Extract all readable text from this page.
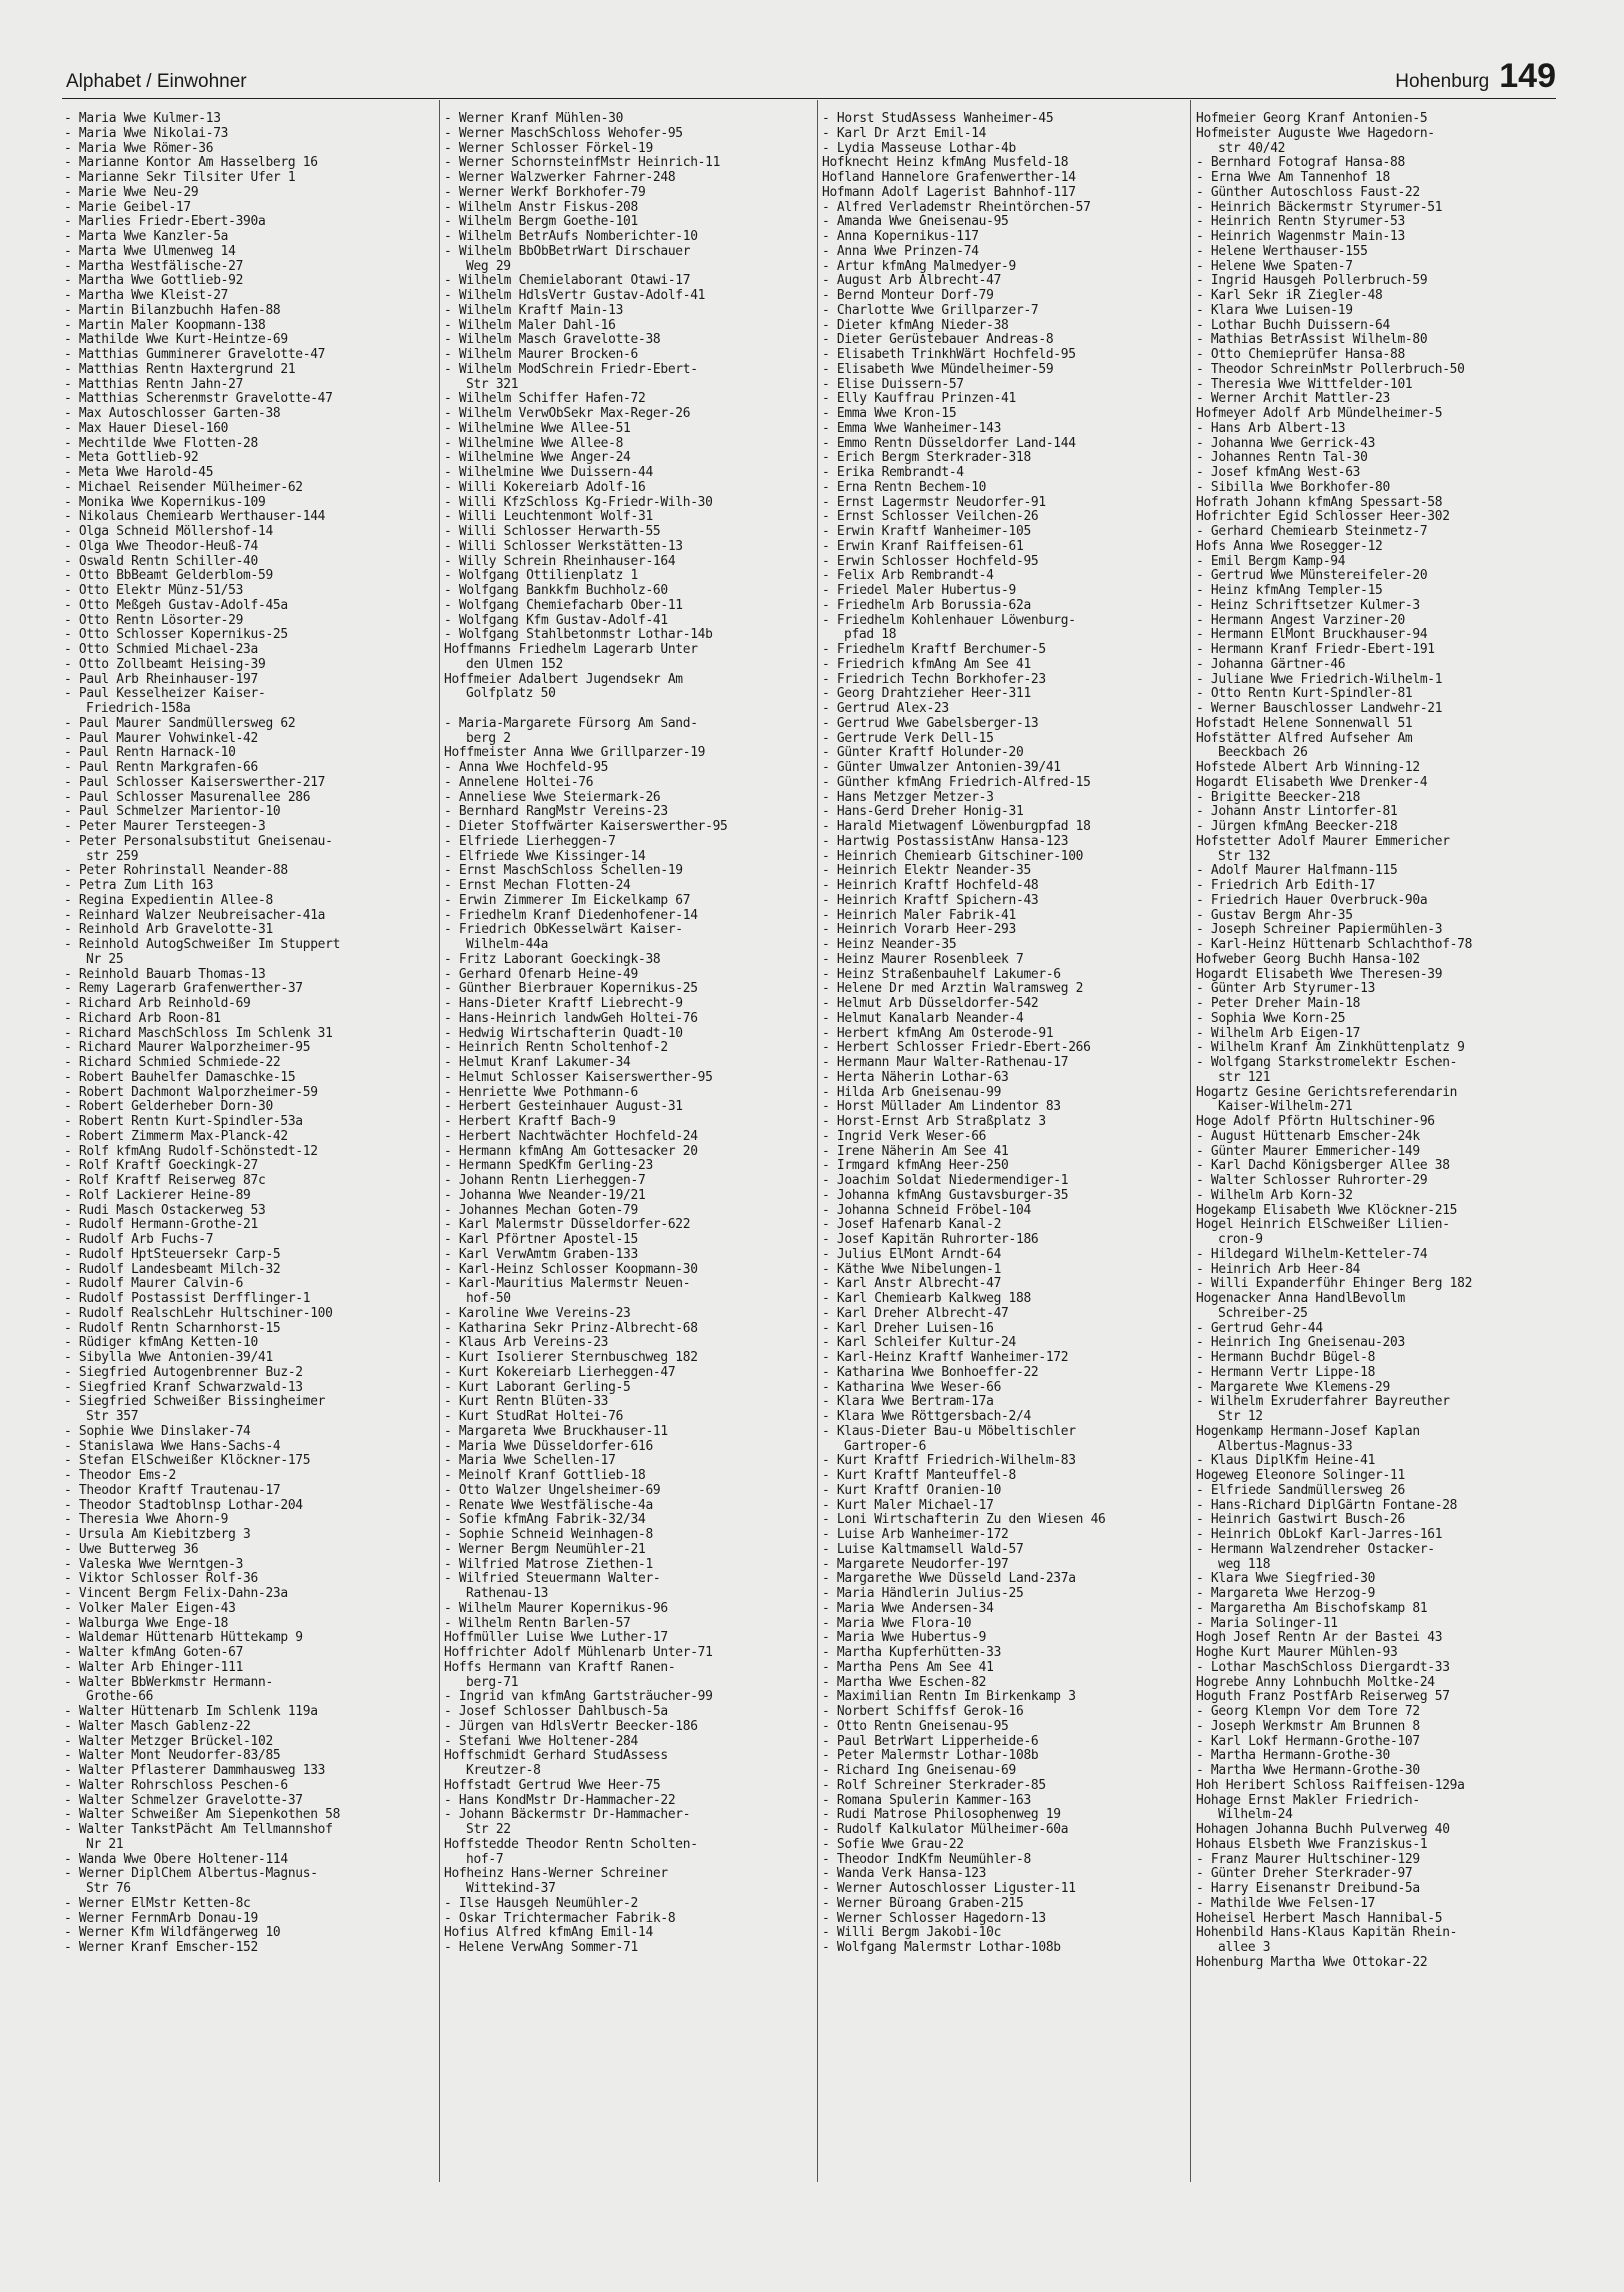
Alphabet / Einwohner	Hohenburg 149
- Maria Wwe Kulmer-13
- Maria Wwe Nikolai-73
- Maria Wwe Römer-36
- Marianne Kontor Am Hasselberg 16
- Marianne Sekr Tilsiter Ufer 1
- Marie Wwe Neu-29
- Marie Geibel-17
- Marlies Friedr-Ebert-390a
- Marta Wwe Kanzler-5a
- Marta Wwe Ulmenweg 14
- Martha Westfälische-27
- Martha Wwe Gottlieb-92
- Martha Wwe Kleist-27
- Martin Bilanzbuchh Hafen-88
- Martin Maler Koopmann-138
- Mathilde Wwe Kurt-Heintze-69
- Matthias Gumminerer Gravelotte-47
- Matthias Rentn Haxtergrund 21
- Matthias Rentn Jahn-27
- Matthias Scherenmstr Gravelotte-47
- Max Autoschlosser Garten-38
- Max Hauer Diesel-160
- Mechtilde Wwe Flotten-28
- Meta Gottlieb-92
- Meta Wwe Harold-45
- Michael Reisender Mülheimer-62
- Monika Wwe Kopernikus-109
- Nikolaus Chemiearb Werthauser-144
- Olga Schneid Möllershof-14
- Olga Wwe Theodor-Heuß-74
- Oswald Rentn Schiller-40
- Otto BbBeamt Gelderblom-59
- Otto Elektr Münz-51/53
- Otto Meßgeh Gustav-Adolf-45a
- Otto Rentn Lösorter-29
- Otto Schlosser Kopernikus-25
- Otto Schmied Michael-23a
- Otto Zollbeamt Heising-39
- Paul Arb Rheinhauser-197
- Paul Kesselheizer Kaiser-
Friedrich-158a
- Paul Maurer Sandmüllersweg 62
- Paul Maurer Vohwinkel-42
- Paul Rentn Harnack-10
- Paul Rentn Markgrafen-66
- Paul Schlosser Kaiserswerther-217
- Paul Schlosser Masurenallee 286
- Paul Schmelzer Marientor-10
- Peter Maurer Tersteegen-3
- Peter Personalsubstitut Gneisenau-
str 259
- Peter Rohrinstall Neander-88
- Petra Zum Lith 163
- Regina Expedientin Allee-8
- Reinhard Walzer Neubreisacher-41a
- Reinhold Arb Gravelotte-31
- Reinhold AutogSchweißer Im Stuppert
Nr 25
- Reinhold Bauarb Thomas-13
- Remy Lagerarb Grafenwerther-37
- Richard Arb Reinhold-69
- Richard Arb Roon-81
- Richard MaschSchloss Im Schlenk 31
- Richard Maurer Walporzheimer-95
- Richard Schmied Schmiede-22
- Robert Bauhelfer Damaschke-15
- Robert Dachmont Walporzheimer-59
- Robert Gelderheber Dorn-30
- Robert Rentn Kurt-Spindler-53a
- Robert Zimmerm Max-Planck-42
- Rolf kfmAng Rudolf-Schönstedt-12
- Rolf Kraftf Goeckingk-27
- Rolf Kraftf Reiserweg 87c
- Rolf Lackierer Heine-89
- Rudi Masch Ostackerweg 53
- Rudolf Hermann-Grothe-21
- Rudolf Arb Fuchs-7
- Rudolf HptSteuersekr Carp-5
- Rudolf Landesbeamt Milch-32
- Rudolf Maurer Calvin-6
- Rudolf Postassist Derfflinger-1
- Rudolf RealschLehr Hultschiner-100
- Rudolf Rentn Scharnhorst-15
- Rüdiger kfmAng Ketten-10
- Sibylla Wwe Antonien-39/41
- Siegfried Autogenbrenner Buz-2
- Siegfried Kranf Schwarzwald-13
- Siegfried Schweißer Bissingheimer
Str 357
- Sophie Wwe Dinslaker-74
- Stanislawa Wwe Hans-Sachs-4
- Stefan ElSchweißer Klöckner-175
- Theodor Ems-2
- Theodor Kraftf Trautenau-17
- Theodor Stadtoblnsp Lothar-204
- Theresia Wwe Ahorn-9
- Ursula Am Kiebitzberg 3
- Uwe Butterweg 36
- Valeska Wwe Werntgen-3
- Viktor Schlosser Rolf-36
- Vincent Bergm Felix-Dahn-23a
- Volker Maler Eigen-43
- Walburga Wwe Enge-18
- Waldemar Hüttenarb Hüttekamp 9
- Walter kfmAng Goten-67
- Walter Arb Ehinger-111
- Walter BbWerkmstr Hermann-
Grothe-66
- Walter Hüttenarb Im Schlenk 119a
- Walter Masch Gablenz-22
- Walter Metzger Brückel-102
- Walter Mont Neudorfer-83/85
- Walter Pflasterer Dammhausweg 133
- Walter Rohrschloss Peschen-6
- Walter Schmelzer Gravelotte-37
- Walter Schweißer Am Siepenkothen 58
- Walter TankstPächt Am Tellmannshof
Nr 21
- Wanda Wwe Obere Holtener-114
- Werner DiplChem Albertus-Magnus-
Str 76
- Werner ElMstr Ketten-8c
- Werner FernmArb Donau-19
- Werner Kfm Wildfängerweg 10
- Werner Kranf Emscher-152
- Werner Kranf Mühlen-30
- Werner MaschSchloss Wehofer-95
- Werner Schlosser Förkel-19
- Werner SchornsteinfMstr Heinrich-11
- Werner Walzwerker Fahrner-248
- Werner Werkf Borkhofer-79
- Wilhelm Anstr Fiskus-208
- Wilhelm Bergm Goethe-101
- Wilhelm BetrAufs Nomberichter-10
- Wilhelm BbObBetrWart Dirschauer
Weg 29
- Wilhelm Chemielaborant Otawi-17
- Wilhelm HdlsVertr Gustav-Adolf-41
- Wilhelm Kraftf Main-13
- Wilhelm Maler Dahl-16
- Wilhelm Masch Gravelotte-38
- Wilhelm Maurer Brocken-6
- Wilhelm ModSchrein Friedr-Ebert-
Str 321
- Wilhelm Schiffer Hafen-72
- Wilhelm VerwObSekr Max-Reger-26
- Wilhelmine Wwe Allee-51
- Wilhelmine Wwe Allee-8
- Wilhelmine Wwe Anger-24
- Wilhelmine Wwe Duissern-44
- Willi Kokereiarb Adolf-16
- Willi KfzSchloss Kg-Friedr-Wilh-30
- Willi Leuchtenmont Wolf-31
- Willi Schlosser Herwarth-55
- Willi Schlosser Werkstätten-13
- Willy Schrein Rheinhauser-164
- Wolfgang Ottilienplatz 1
- Wolfgang Bankkfm Buchholz-60
- Wolfgang Chemiefacharb Ober-11
- Wolfgang Kfm Gustav-Adolf-41
- Wolfgang Stahlbetonmstr Lothar-14b
Hoffmanns Friedhelm Lagerarb Unter
den Ulmen 152
Hoffmeier Adalbert Jugendsekr Am
Golfplatz 50

- Maria-Margarete Fürsorg Am Sand-
berg 2
Hoffmeister Anna Wwe Grillparzer-19
- Anna Wwe Hochfeld-95
- Annelene Holtei-76
- Anneliese Wwe Steiermark-26
- Bernhard RangMstr Vereins-23
- Dieter Stoffwärter Kaiserswerther-95
- Elfriede Lierheggen-7
- Elfriede Wwe Kissinger-14
- Ernst MaschSchloss Schellen-19
- Ernst Mechan Flotten-24
- Erwin Zimmerer Im Eickelkamp 67
- Friedhelm Kranf Diedenhofener-14
- Friedrich ObKesselwärt Kaiser-
Wilhelm-44a
- Fritz Laborant Goeckingk-38
- Gerhard Ofenarb Heine-49
- Günther Bierbrauer Kopernikus-25
- Hans-Dieter Kraftf Liebrecht-9
- Hans-Heinrich landwGeh Holtei-76
- Hedwig Wirtschafterin Quadt-10
- Heinrich Rentn Scholtenhof-2
- Helmut Kranf Lakumer-34
- Helmut Schlosser Kaiserswerther-95
- Henriette Wwe Pothmann-6
- Herbert Gesteinhauer August-31
- Herbert Kraftf Bach-9
- Herbert Nachtwächter Hochfeld-24
- Hermann kfmAng Am Gottesacker 20
- Hermann SpedKfm Gerling-23
- Johann Rentn Lierheggen-7
- Johanna Wwe Neander-19/21
- Johannes Mechan Goten-79
- Karl Malermstr Düsseldorfer-622
- Karl Pförtner Apostel-15
- Karl VerwAmtm Graben-133
- Karl-Heinz Schlosser Koopmann-30
- Karl-Mauritius Malermstr Neuen-
hof-50
- Karoline Wwe Vereins-23
- Katharina Sekr Prinz-Albrecht-68
- Klaus Arb Vereins-23
- Kurt Isolierer Sternbuschweg 182
- Kurt Kokereiarb Lierheggen-47
- Kurt Laborant Gerling-5
- Kurt Rentn Blüten-33
- Kurt StudRat Holtei-76
- Margareta Wwe Bruckhauser-11
- Maria Wwe Düsseldorfer-616
- Maria Wwe Schellen-17
- Meinolf Kranf Gottlieb-18
- Otto Walzer Ungelsheimer-69
- Renate Wwe Westfälische-4a
- Sofie kfmAng Fabrik-32/34
- Sophie Schneid Weinhagen-8
- Werner Bergm Neumühler-21
- Wilfried Matrose Ziethen-1
- Wilfried Steuermann Walter-
Rathenau-13
- Wilhelm Maurer Kopernikus-96
- Wilhelm Rentn Barlen-57
Hoffmüller Luise Wwe Luther-17
Hoffrichter Adolf Mühlenarb Unter-71
Hoffs Hermann van Kraftf Ranen-
berg-71
- Ingrid van kfmAng Gartsträucher-99
- Josef Schlosser Dahlbusch-5a
- Jürgen van HdlsVertr Beecker-186
- Stefani Wwe Holtener-284
Hoffschmidt Gerhard StudAssess
Kreutzer-8
Hoffstadt Gertrud Wwe Heer-75
- Hans KondMstr Dr-Hammacher-22
- Johann Bäckermstr Dr-Hammacher-
Str 22
Hoffstedde Theodor Rentn Scholten-
hof-7
Hofheinz Hans-Werner Schreiner
Wittekind-37
- Ilse Hausgeh Neumühler-2
- Oskar Trichtermacher Fabrik-8
Hofius Alfred kfmAng Emil-14
- Helene VerwAng Sommer-71
- Horst StudAssess Wanheimer-45
- Karl Dr Arzt Emil-14
- Lydia Masseuse Lothar-4b
Hofknecht Heinz kfmAng Musfeld-18
Hofland Hannelore Grafenwerther-14
Hofmann Adolf Lagerist Bahnhof-117
- Alfred Verlademstr Rheintörchen-57
- Amanda Wwe Gneisenau-95
- Anna Kopernikus-117
- Anna Wwe Prinzen-74
- Artur kfmAng Malmedyer-9
- August Arb Albrecht-47
- Bernd Monteur Dorf-79
- Charlotte Wwe Grillparzer-7
- Dieter kfmAng Nieder-38
- Dieter Gerüstebauer Andreas-8
- Elisabeth TrinkhWärt Hochfeld-95
- Elisabeth Wwe Mündelheimer-59
- Elise Duissern-57
- Elly Kauffrau Prinzen-41
- Emma Wwe Kron-15
- Emma Wwe Wanheimer-143
- Emmo Rentn Düsseldorfer Land-144
- Erich Bergm Sterkrader-318
- Erika Rembrandt-4
- Erna Rentn Bechem-10
- Ernst Lagermstr Neudorfer-91
- Ernst Schlosser Veilchen-26
- Erwin Kraftf Wanheimer-105
- Erwin Kranf Raiffeisen-61
- Erwin Schlosser Hochfeld-95
- Felix Arb Rembrandt-4
- Friedel Maler Hubertus-9
- Friedhelm Arb Borussia-62a
- Friedhelm Kohlenhauer Löwenburg-
pfad 18
- Friedhelm Kraftf Berchumer-5
- Friedrich kfmAng Am See 41
- Friedrich Techn Borkhofer-23
- Georg Drahtzieher Heer-311
- Gertrud Alex-23
- Gertrud Wwe Gabelsberger-13
- Gertrude Verk Dell-15
- Günter Kraftf Holunder-20
- Günter Umwalzer Antonien-39/41
- Günther kfmAng Friedrich-Alfred-15
- Hans Metzger Metzer-3
- Hans-Gerd Dreher Honig-31
- Harald Mietwagenf Löwenburgpfad 18
- Hartwig PostassistAnw Hansa-123
- Heinrich Chemiearb Gitschiner-100
- Heinrich Elektr Neander-35
- Heinrich Kraftf Hochfeld-48
- Heinrich Kraftf Spichern-43
- Heinrich Maler Fabrik-41
- Heinrich Vorarb Heer-293
- Heinz Neander-35
- Heinz Maurer Rosenbleek 7
- Heinz Straßenbauhelf Lakumer-6
- Helene Dr med Ärztin Walramsweg 2
- Helmut Arb Düsseldorfer-542
- Helmut Kanalarb Neander-4
- Herbert kfmAng Am Osterode-91
- Herbert Schlosser Friedr-Ebert-266
- Hermann Maur Walter-Rathenau-17
- Herta Näherin Lothar-63
- Hilda Arb Gneisenau-99
- Horst Müllader Am Lindentor 83
- Horst-Ernst Arb Straßplatz 3
- Ingrid Verk Weser-66
- Irene Näherin Am See 41
- Irmgard kfmAng Heer-250
- Joachim Soldat Niedermendiger-1
- Johanna kfmAng Gustavsburger-35
- Johanna Schneid Fröbel-104
- Josef Hafenarb Kanal-2
- Josef Kapitän Ruhrorter-186
- Julius ElMont Arndt-64
- Käthe Wwe Nibelungen-1
- Karl Anstr Albrecht-47
- Karl Chemiearb Kalkweg 188
- Karl Dreher Albrecht-47
- Karl Dreher Luisen-16
- Karl Schleifer Kultur-24
- Karl-Heinz Kraftf Wanheimer-172
- Katharina Wwe Bonhoeffer-22
- Katharina Wwe Weser-66
- Klara Wwe Bertram-17a
- Klara Wwe Röttgersbach-2/4
- Klaus-Dieter Bau-u Möbeltischler
Gartroper-6
- Kurt Kraftf Friedrich-Wilhelm-83
- Kurt Kraftf Manteuffel-8
- Kurt Kraftf Oranien-10
- Kurt Maler Michael-17
- Loni Wirtschafterin Zu den Wiesen 46
- Luise Arb Wanheimer-172
- Luise Kaltmamsell Wald-57
- Margarete Neudorfer-197
- Margarethe Wwe Düsseld Land-237a
- Maria Händlerin Julius-25
- Maria Wwe Andersen-34
- Maria Wwe Flora-10
- Maria Wwe Hubertus-9
- Martha Kupferhütten-33
- Martha Pens Am See 41
- Martha Wwe Eschen-82
- Maximilian Rentn Im Birkenkamp 3
- Norbert Schiffsf Gerok-16
- Otto Rentn Gneisenau-95
- Paul BetrWart Lipperheide-6
- Peter Malermstr Lothar-108b
- Richard Ing Gneisenau-69
- Rolf Schreiner Sterkrader-85
- Romana Spulerin Kammer-163
- Rudi Matrose Philosophenweg 19
- Rudolf Kalkulator Mülheimer-60a
- Sofie Wwe Grau-22
- Theodor IndKfm Neumühler-8
- Wanda Verk Hansa-123
- Werner Autoschlosser Liguster-11
- Werner Büroang Graben-215
- Werner Schlosser Hagedorn-13
- Willi Bergm Jakobi-10c
- Wolfgang Malermstr Lothar-108b
Hofmeier Georg Kranf Antonien-5
Hofmeister Auguste Wwe Hagedorn-
str 40/42
- Bernhard Fotograf Hansa-88
- Erna Wwe Am Tannenhof 18
- Günther Autoschloss Faust-22
- Heinrich Bäckermstr Styrumer-51
- Heinrich Rentn Styrumer-53
- Heinrich Wagenmstr Main-13
- Helene Werthauser-155
- Helene Wwe Spaten-7
- Ingrid Hausgeh Pollerbruch-59
- Karl Sekr iR Ziegler-48
- Klara Wwe Luisen-19
- Lothar Buchh Duissern-64
- Mathias BetrAssist Wilhelm-80
- Otto Chemieprüfer Hansa-88
- Theodor SchreinMstr Pollerbruch-50
- Theresia Wwe Wittfelder-101
- Werner Archit Mattler-23
Hofmeyer Adolf Arb Mündelheimer-5
- Hans Arb Albert-13
- Johanna Wwe Gerrick-43
- Johannes Rentn Tal-30
- Josef kfmAng West-63
- Sibilla Wwe Borkhofer-80
Hofrath Johann kfmAng Spessart-58
Hofrichter Egid Schlosser Heer-302
- Gerhard Chemiearb Steinmetz-7
Hofs Anna Wwe Rosegger-12
- Emil Bergm Kamp-94
- Gertrud Wwe Münstereifeler-20
- Heinz kfmAng Templer-15
- Heinz Schriftsetzer Kulmer-3
- Hermann Angest Varziner-20
- Hermann ElMont Bruckhauser-94
- Hermann Kranf Friedr-Ebert-191
- Johanna Gärtner-46
- Juliane Wwe Friedrich-Wilhelm-1
- Otto Rentn Kurt-Spindler-81
- Werner Bauschlosser Landwehr-21
Hofstadt Helene Sonnenwall 51
Hofstätter Alfred Aufseher Am
Beeckbach 26
Hofstede Albert Arb Winning-12
Hogardt Elisabeth Wwe Drenker-4
- Brigitte Beecker-218
- Johann Anstr Lintorfer-81
- Jürgen kfmAng Beecker-218
Hofstetter Adolf Maurer Emmericher
Str 132
- Adolf Maurer Halfmann-115
- Friedrich Arb Edith-17
- Friedrich Hauer Overbruck-90a
- Gustav Bergm Ahr-35
- Joseph Schreiner Papiermühlen-3
- Karl-Heinz Hüttenarb Schlachthof-78
Hofweber Georg Buchh Hansa-102
Hogardt Elisabeth Wwe Theresen-39
- Günter Arb Styrumer-13
- Peter Dreher Main-18
- Sophia Wwe Korn-25
- Wilhelm Arb Eigen-17
- Wilhelm Kranf Am Zinkhüttenplatz 9
- Wolfgang Starkstromelektr Eschen-
str 121
Hogartz Gesine Gerichtsreferendarin
Kaiser-Wilhelm-271
Hoge Adolf Pförtn Hultschiner-96
- August Hüttenarb Emscher-24k
- Günter Maurer Emmericher-149
- Karl Dachd Königsberger Allee 38
- Walter Schlosser Ruhrorter-29
- Wilhelm Arb Korn-32
Hogekamp Elisabeth Wwe Klöckner-215
Hogel Heinrich ElSchweißer Lilien-
cron-9
- Hildegard Wilhelm-Ketteler-74
- Heinrich Arb Heer-84
- Willi Expanderführ Ehinger Berg 182
Hogenacker Anna HandlBevollm
Schreiber-25
- Gertrud Gehr-44
- Heinrich Ing Gneisenau-203
- Hermann Buchdr Bügel-8
- Hermann Vertr Lippe-18
- Margarete Wwe Klemens-29
- Wilhelm Exruderfahrer Bayreuther
Str 12
Hogenkamp Hermann-Josef Kaplan
Albertus-Magnus-33
- Klaus DiplKfm Heine-41
Hogeweg Eleonore Solinger-11
- Elfriede Sandmüllersweg 26
- Hans-Richard DiplGärtn Fontane-28
- Heinrich Gastwirt Busch-26
- Heinrich ObLokf Karl-Jarres-161
- Hermann Walzendreher Ostacker-
weg 118
- Klara Wwe Siegfried-30
- Margareta Wwe Herzog-9
- Margaretha Am Bischofskamp 81
- Maria Solinger-11
Hogh Josef Rentn Ar der Bastei 43
Hoghe Kurt Maurer Mühlen-93
- Lothar MaschSchloss Diergardt-33
Hogrebe Anny Lohnbuchh Moltke-24
Hoguth Franz PostfArb Reiserweg 57
- Georg Klempn Vor dem Tore 72
- Joseph Werkmstr Am Brunnen 8
- Karl Lokf Hermann-Grothe-107
- Martha Hermann-Grothe-30
- Martha Wwe Hermann-Grothe-30
Hoh Heribert Schloss Raiffeisen-129a
Hohage Ernst Makler Friedrich-
Wilhelm-24
Hohagen Johanna Buchh Pulverweg 40
Hohaus Elsbeth Wwe Franziskus-1
- Franz Maurer Hultschiner-129
- Günter Dreher Sterkrader-97
- Harry Eisenanstr Dreibund-5a
- Mathilde Wwe Felsen-17
Hoheisel Herbert Masch Hannibal-5
Hohenbild Hans-Klaus Kapitän Rhein-
allee 3
Hohenburg Martha Wwe Ottokar-22
